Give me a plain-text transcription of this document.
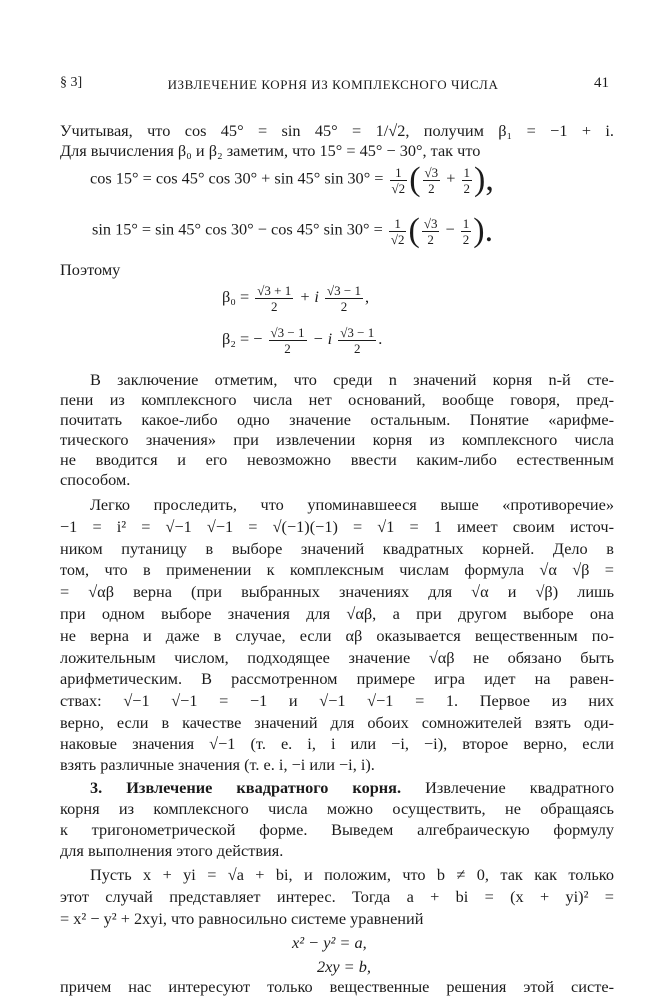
§ 3]	ИЗВЛЕЧЕНИЕ КОРНЯ ИЗ КОМПЛЕКСНОГО ЧИСЛА	41
Учитывая, что cos 45° = sin 45° = 1/√2, получим β₁ = −1 + i.
Для вычисления β₀ и β₂ заметим, что 15° = 45° − 30°, так что
cos 15° = cos 45° cos 30° + sin 45° $\sin 30^\circ = \frac{1}{√2}$ ( $\frac{√3}{2} + \frac{1}{2}$ ),
sin 15° = sin 45° cos 30° − cos 45° $\sin 30^\circ = \frac{1}{√2}$ ( $\frac{√3}{2} - \frac{1}{2}$ ).
Поэтому
$\beta_0 = \frac{√3 + 1}{2} + i \frac{√3 - 1}{2}$ ,
β₂ = − $\frac{√3 - 1}{2} - i \frac{√3 - 1}{2}$ .
В заключение отметим, что среди n значений корня n-й сте-
пени из комплексного числа нет оснований, вообще говоря, пред-
почитать какое-либо одно значение остальным. Понятие «арифме-
тического значения» при извлечении корня из комплексного числа
не вводится и его невозможно ввести каким-либо естественным
способом.
Легко проследить, что упоминавшееся выше «противоречие»
−1 = i² = √−1 √−1 = √(−1)(−1) = √1 = 1 имеет своим источ-
ником путаницу в выборе значений квадратных корней. Дело в
том, что в применении к комплексным числам формула √α √β =
= √αβ верна (при выбранных значениях для √α и √β) лишь
при одном выборе значения для √αβ, а при другом выборе она
не верна и даже в случае, если αβ оказывается вещественным по-
ложительным числом, подходящее значение √αβ не обязано быть
арифметическим. В рассмотренном примере игра идет на равен-
ствах: √−1 √−1 = −1 и √−1 √−1 = 1. Первое из них
верно, если в качестве значений для обоих сомножителей взять оди-
наковые значения √−1 (т. е. i, i или −i, −i), второе верно, если
взять различные значения (т. е. i, −i или −i, i).
3. Извлечение квадратного корня. Извлечение квадратного
корня из комплексного числа можно осуществить, не обращаясь
к тригонометрической форме. Выведем алгебраическую формулу
для выполнения этого действия.
Пусть x + yi = √a + bi, и положим, что b ≠ 0, так как только
этот случай представляет интерес. Тогда a + bi = (x + yi)² =
= x² − y² + 2xyi, что равносильно системе уравнений
x² − y² = a,
2xy = b,
причем нас интересуют только вещественные решения этой систе-
